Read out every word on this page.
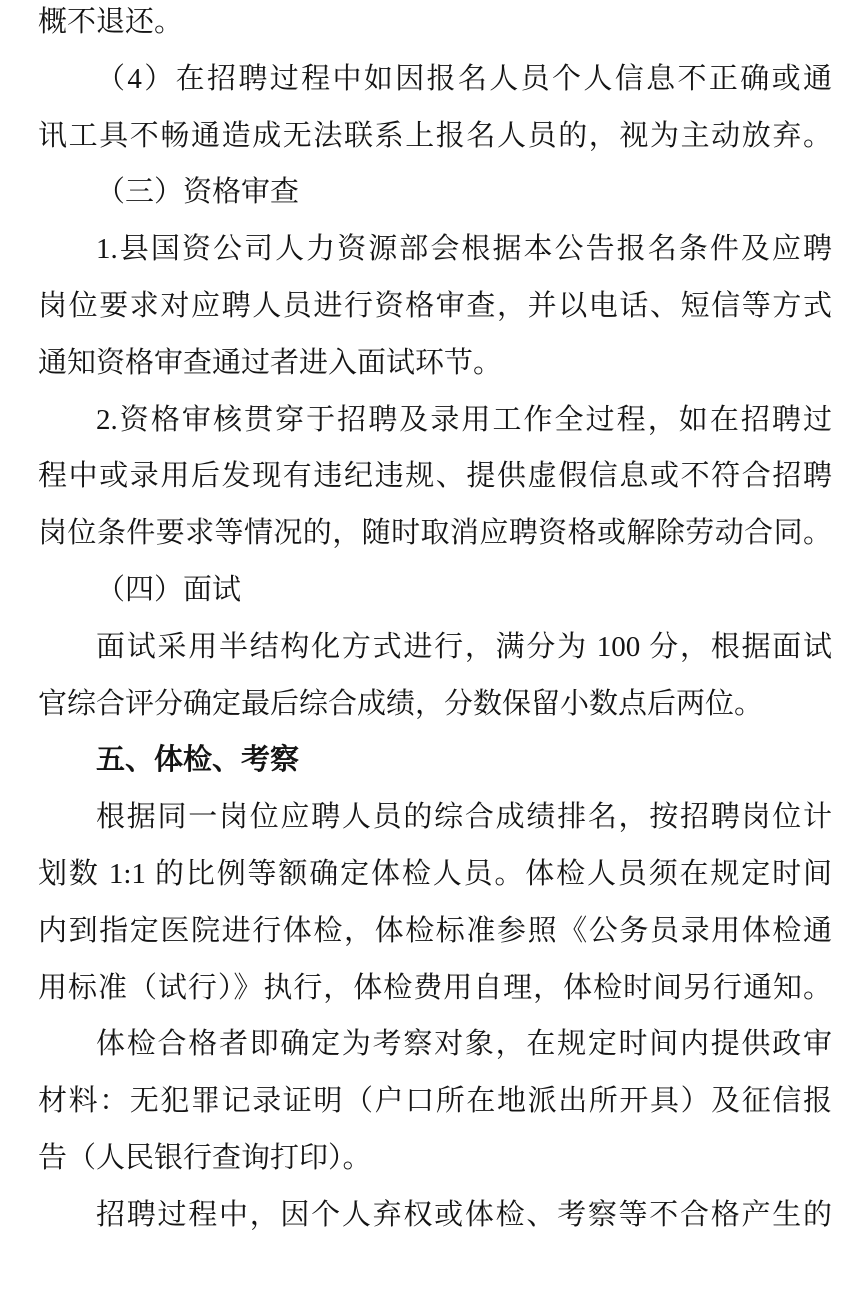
概不退还。
（4）在招聘过程中如因报名人员个人信息不正确或通
讯工具不畅通造成无法联系上报名人员的，视为主动放弃。
（三）资格审查
1.县国资公司人力资源部会根据本公告报名条件及应聘
岗位要求对应聘人员进行资格审查，并以电话、短信等方式
通知资格审查通过者进入面试环节。
2.资格审核贯穿于招聘及录用工作全过程，如在招聘过
程中或录用后发现有违纪违规、提供虚假信息或不符合招聘
岗位条件要求等情况的，随时取消应聘资格或解除劳动合同。
（四）面试
面试采用半结构化方式进行，满分为 100 分，根据面试
官综合评分确定最后综合成绩，分数保留小数点后两位。
五、体检、考察
根据同一岗位应聘人员的综合成绩排名，按招聘岗位计
划数 1:1 的比例等额确定体检人员。体检人员须在规定时间
内到指定医院进行体检，体检标准参照《公务员录用体检通
用标准（试行）》执行，体检费用自理，体检时间另行通知。
体检合格者即确定为考察对象，在规定时间内提供政审
材料：无犯罪记录证明（户口所在地派出所开具）及征信报
告（人民银行查询打印）。
招聘过程中，因个人弃权或体检、考察等不合格产生的
